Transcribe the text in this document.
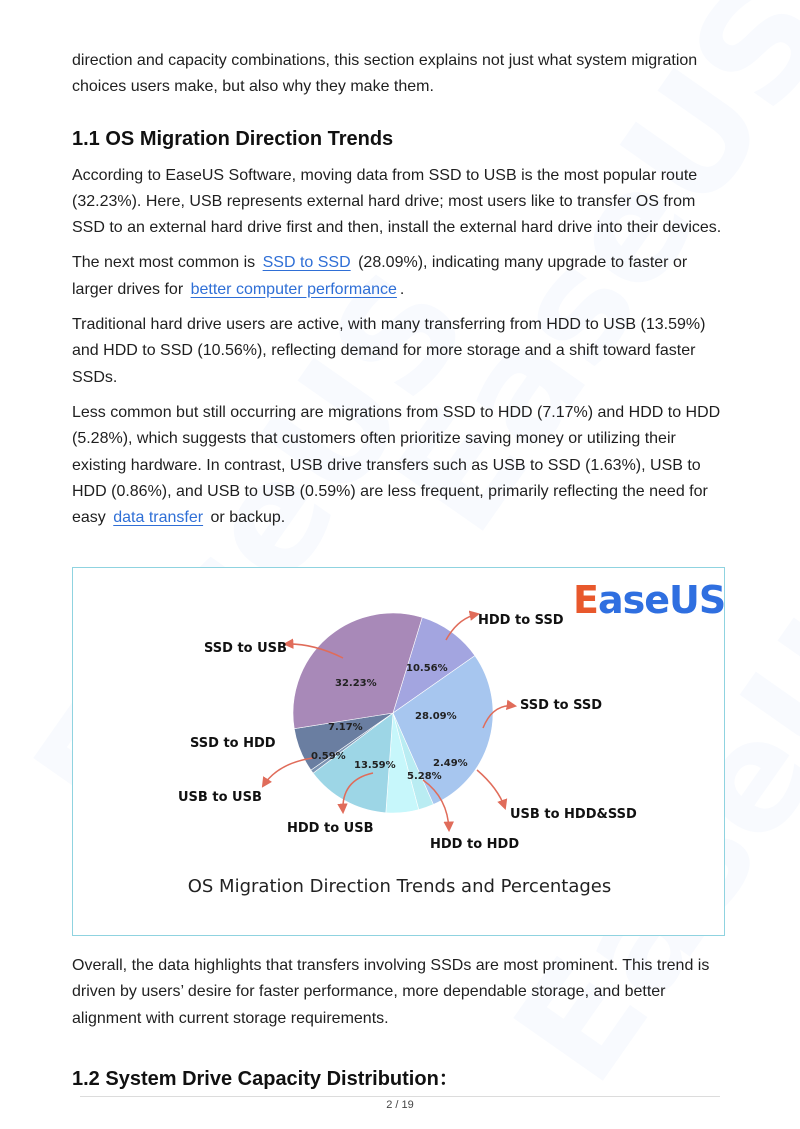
direction and capacity combinations, this section explains not just what system migration choices users make, but also why they make them.

1.1 OS Migration Direction Trends

According to EaseUS Software, moving data from SSD to USB is the most popular route (32.23%). Here, USB represents external hard drive; most users like to transfer OS from SSD to an external hard drive first and then, install the external hard drive into their devices.

The next most common is SSD to SSD (28.09%), indicating many upgrade to faster or larger drives for better computer performance .

Traditional hard drive users are active, with many transferring from HDD to USB (13.59%) and HDD to SSD (10.56%), reflecting demand for more storage and a shift toward faster SSDs.

Less common but still occurring are migrations from SSD to HDD (7.17%) and HDD to HDD (5.28%), which suggests that customers often prioritize saving money or utilizing their existing hardware. In contrast, USB drive transfers such as USB to SSD (1.63%), USB to HDD (0.86%), and USB to USB (0.59%) are less frequent, primarily reflecting the need for easy data transfer or backup.

EaseUS
SSD to USB
HDD to SSD
SSD to SSD
SSD to HDD
USB to USB
USB to HDD&SSD
HDD to USB
HDD to HDD
32.23%
10.56%
28.09%
7.17%
0.59%
13.59%	2.49%
5.28%
OS Migration Direction Trends and Percentages

Overall, the data highlights that transfers involving SSDs are most prominent. This trend is driven by users’ desire for faster performance, more dependable storage, and better alignment with current storage requirements.

1.2 System Drive Capacity Distribution：
2 / 19
